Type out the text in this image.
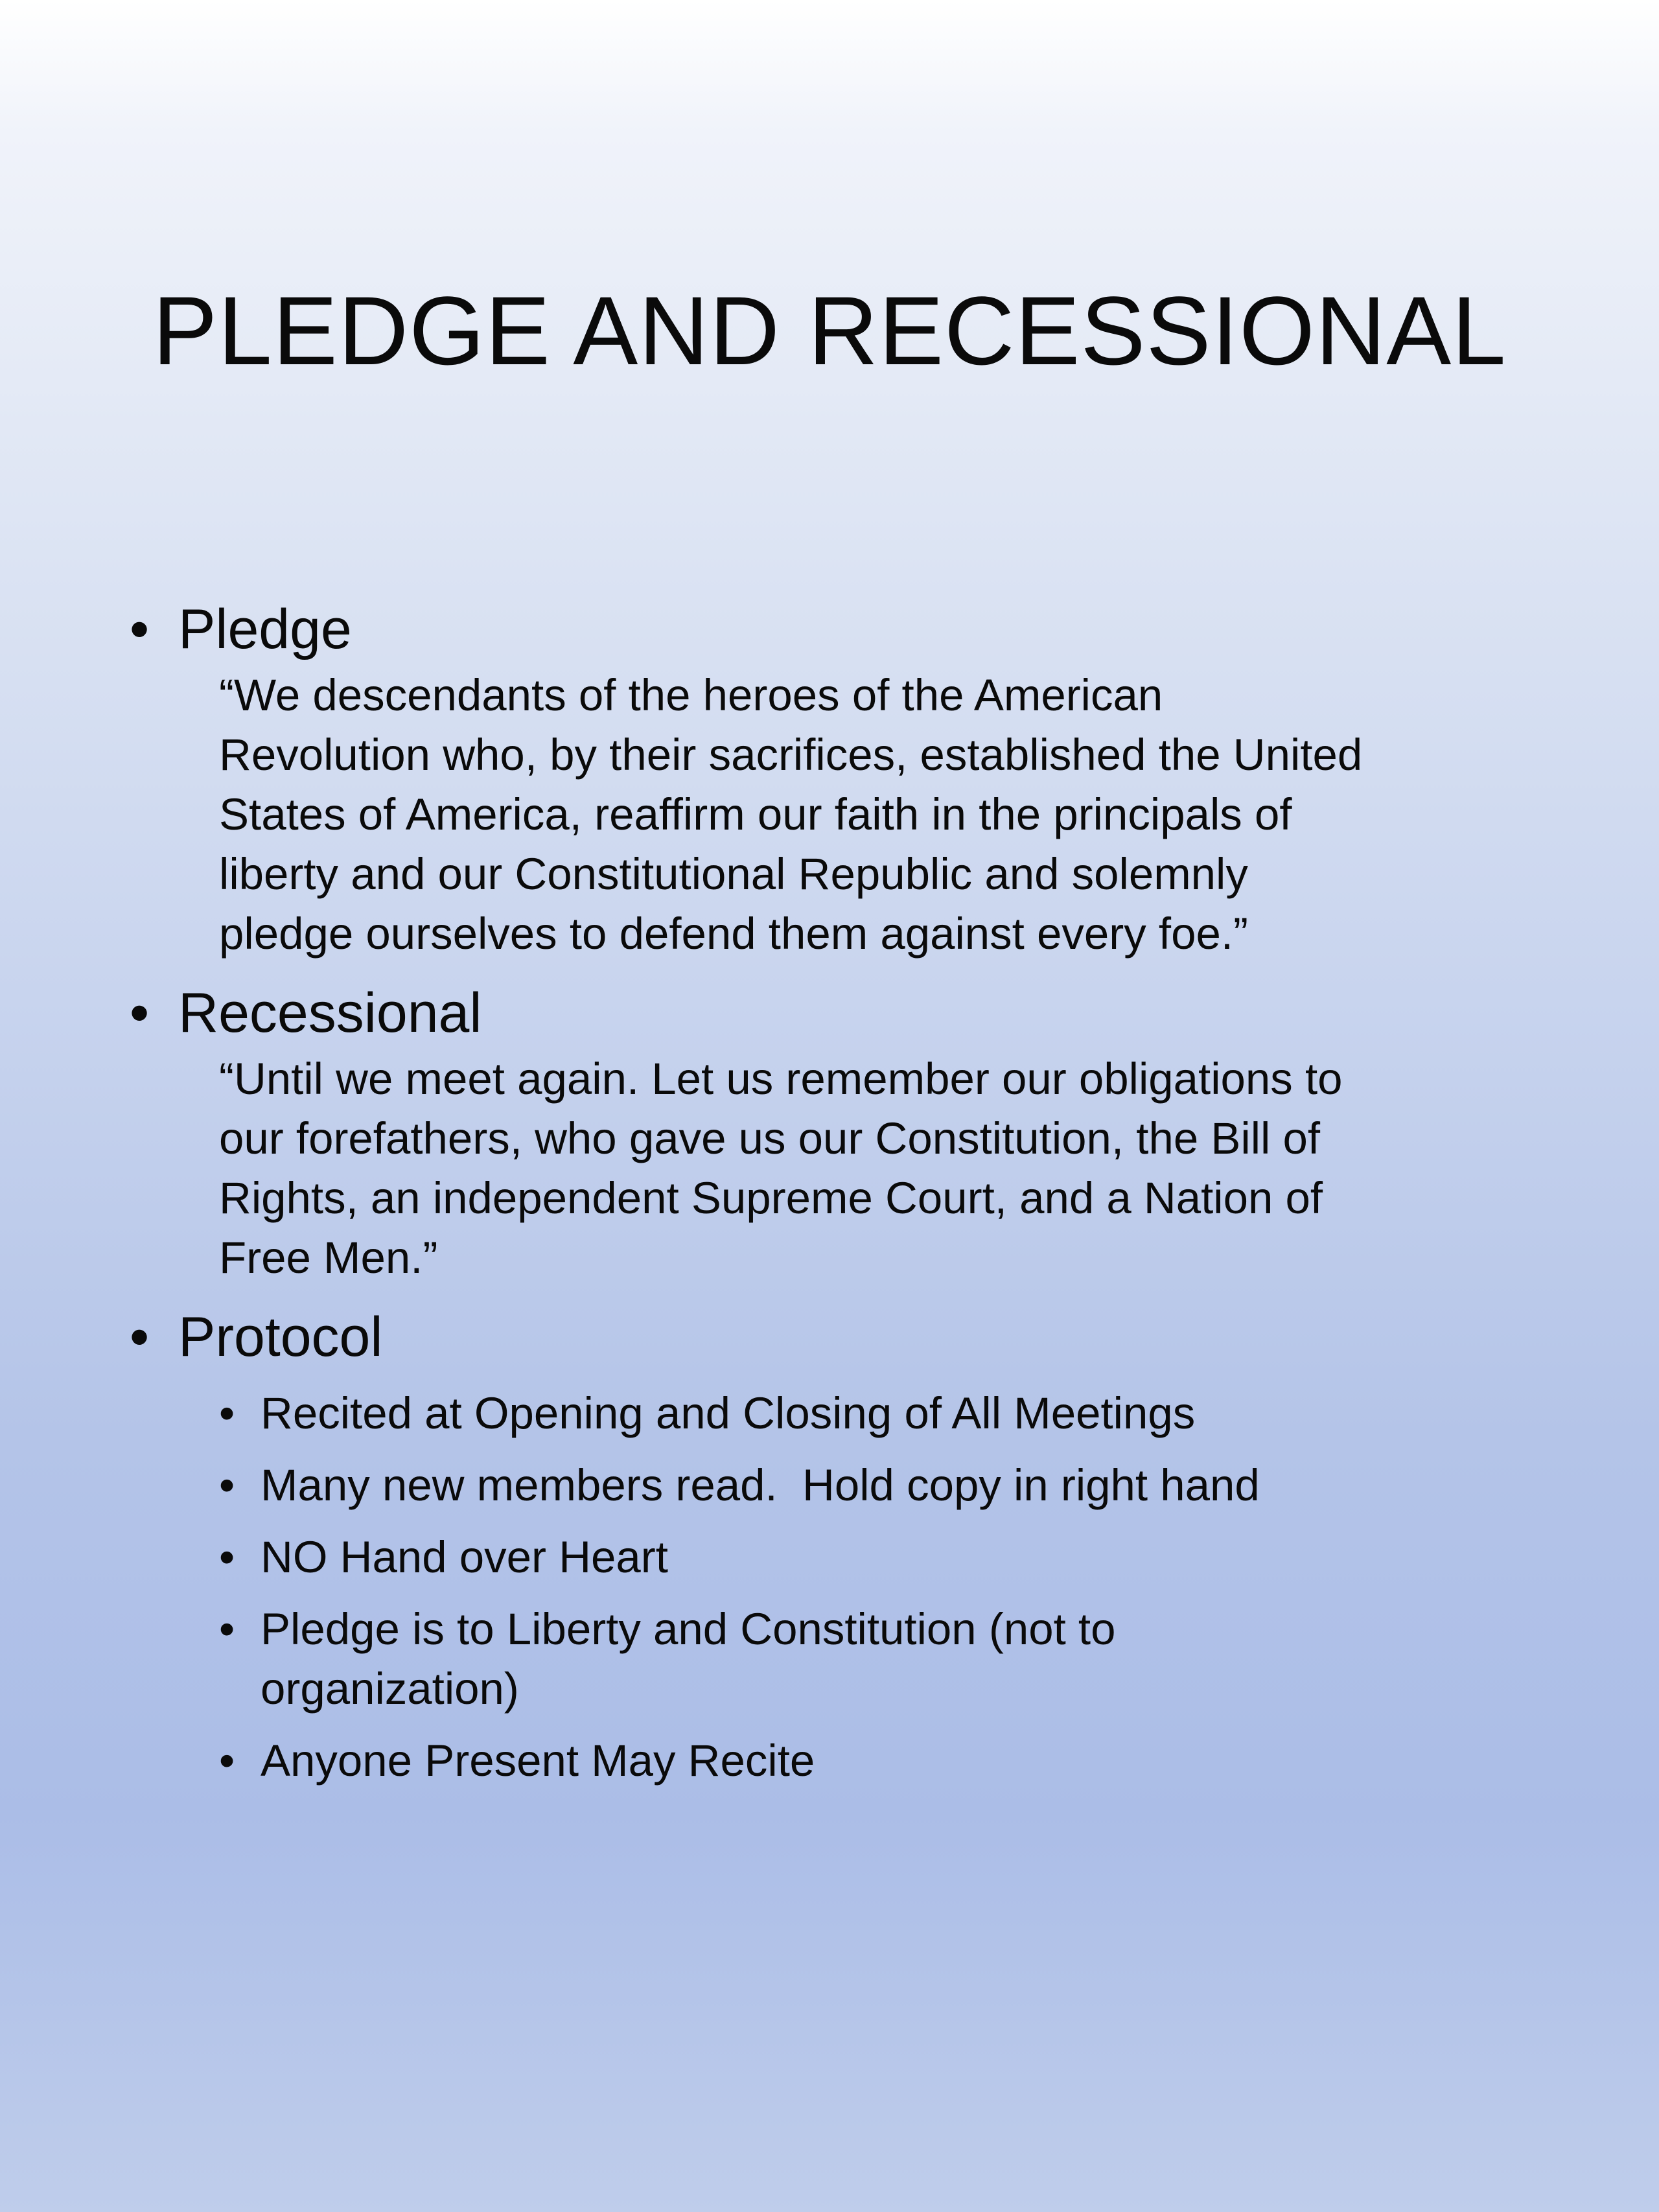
PLEDGE AND RECESSIONAL
• Pledge
“We descendants of the heroes of the American
Revolution who, by their sacrifices, established the United
States of America, reaffirm our faith in the principals of
liberty and our Constitutional Republic and solemnly
pledge ourselves to defend them against every foe.”
• Recessional
“Until we meet again. Let us remember our obligations to
our forefathers, who gave us our Constitution, the Bill of
Rights, an independent Supreme Court, and a Nation of
Free Men.”
• Protocol
• Recited at Opening and Closing of All Meetings
• Many new members read.  Hold copy in right hand
• NO Hand over Heart
• Pledge is to Liberty and Constitution (not to
organization)
• Anyone Present May Recite
